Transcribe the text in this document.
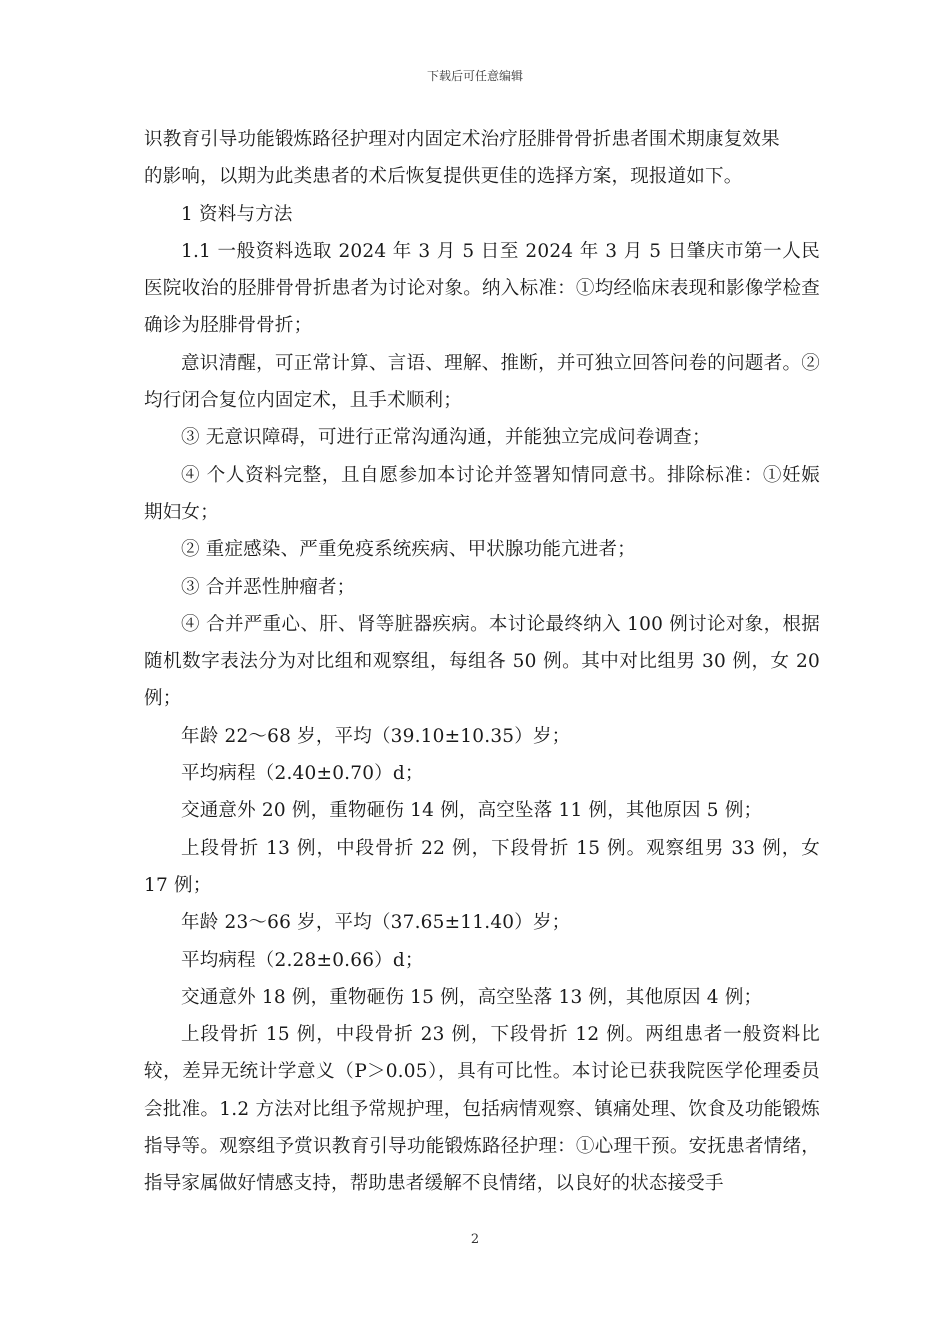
下载后可任意编辑

识教育引导功能锻炼路径护理对内固定术治疗胫腓骨骨折患者围术期康复效果

的影响，以期为此类患者的术后恢复提供更佳的选择方案，现报道如下。

1 资料与方法

1.1 一般资料选取 2024 年 3 月 5 日至 2024 年 3 月 5 日肇庆市第一人民医院收治的胫腓骨骨折患者为讨论对象。纳入标准：①均经临床表现和影像学检查确诊为胫腓骨骨折；

意识清醒，可正常计算、言语、理解、推断，并可独立回答问卷的问题者。②均行闭合复位内固定术，且手术顺利；

③ 无意识障碍，可进行正常沟通沟通，并能独立完成问卷调查；

④ 个人资料完整，且自愿参加本讨论并签署知情同意书。排除标准：①妊娠期妇女；

② 重症感染、严重免疫系统疾病、甲状腺功能亢进者；

③ 合并恶性肿瘤者；

④ 合并严重心、肝、肾等脏器疾病。本讨论最终纳入 100 例讨论对象，根据随机数字表法分为对比组和观察组，每组各 50 例。其中对比组男 30 例，女 20 例；

年龄 22～68 岁，平均（39.10±10.35）岁；

平均病程（2.40±0.70）d；

交通意外 20 例，重物砸伤 14 例，高空坠落 11 例，其他原因 5 例；

上段骨折 13 例，中段骨折 22 例，下段骨折 15 例。观察组男 33 例，女 17 例；

年龄 23～66 岁，平均（37.65±11.40）岁；

平均病程（2.28±0.66）d；

交通意外 18 例，重物砸伤 15 例，高空坠落 13 例，其他原因 4 例；

上段骨折 15 例，中段骨折 23 例，下段骨折 12 例。两组患者一般资料比较，差异无统计学意义（P＞0.05），具有可比性。本讨论已获我院医学伦理委员会批准。1.2 方法对比组予常规护理，包括病情观察、镇痛处理、饮食及功能锻炼指导等。观察组予赏识教育引导功能锻炼路径护理：①心理干预。安抚患者情绪，指导家属做好情感支持，帮助患者缓解不良情绪，以良好的状态接受手

2
